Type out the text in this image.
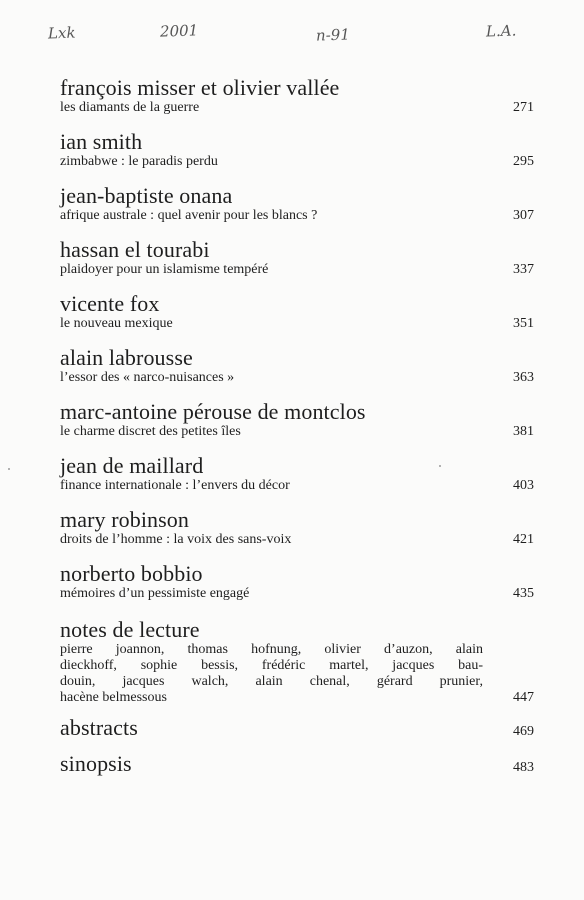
Lxk	2001	n-91	L.A.
françois misser et olivier vallée
les diamants de la guerre	271
ian smith
zimbabwe : le paradis perdu	295
jean-baptiste onana
afrique australe : quel avenir pour les blancs ?	307
hassan el tourabi
plaidoyer pour un islamisme tempéré	337
vicente fox
le nouveau mexique	351
alain labrousse
l’essor des « narco-nuisances »	363
marc-antoine pérouse de montclos
le charme discret des petites îles	381
jean de maillard
finance internationale : l’envers du décor	403
mary robinson
droits de l’homme : la voix des sans-voix	421
norberto bobbio
mémoires d’un pessimiste engagé	435
notes de lecture
pierre joannon, thomas hofnung, olivier d’auzon, alain
dieckhoff, sophie bessis, frédéric martel, jacques bau-
douin, jacques walch, alain chenal, gérard prunier,
hacène belmessous	447
abstracts	469
sinopsis	483
